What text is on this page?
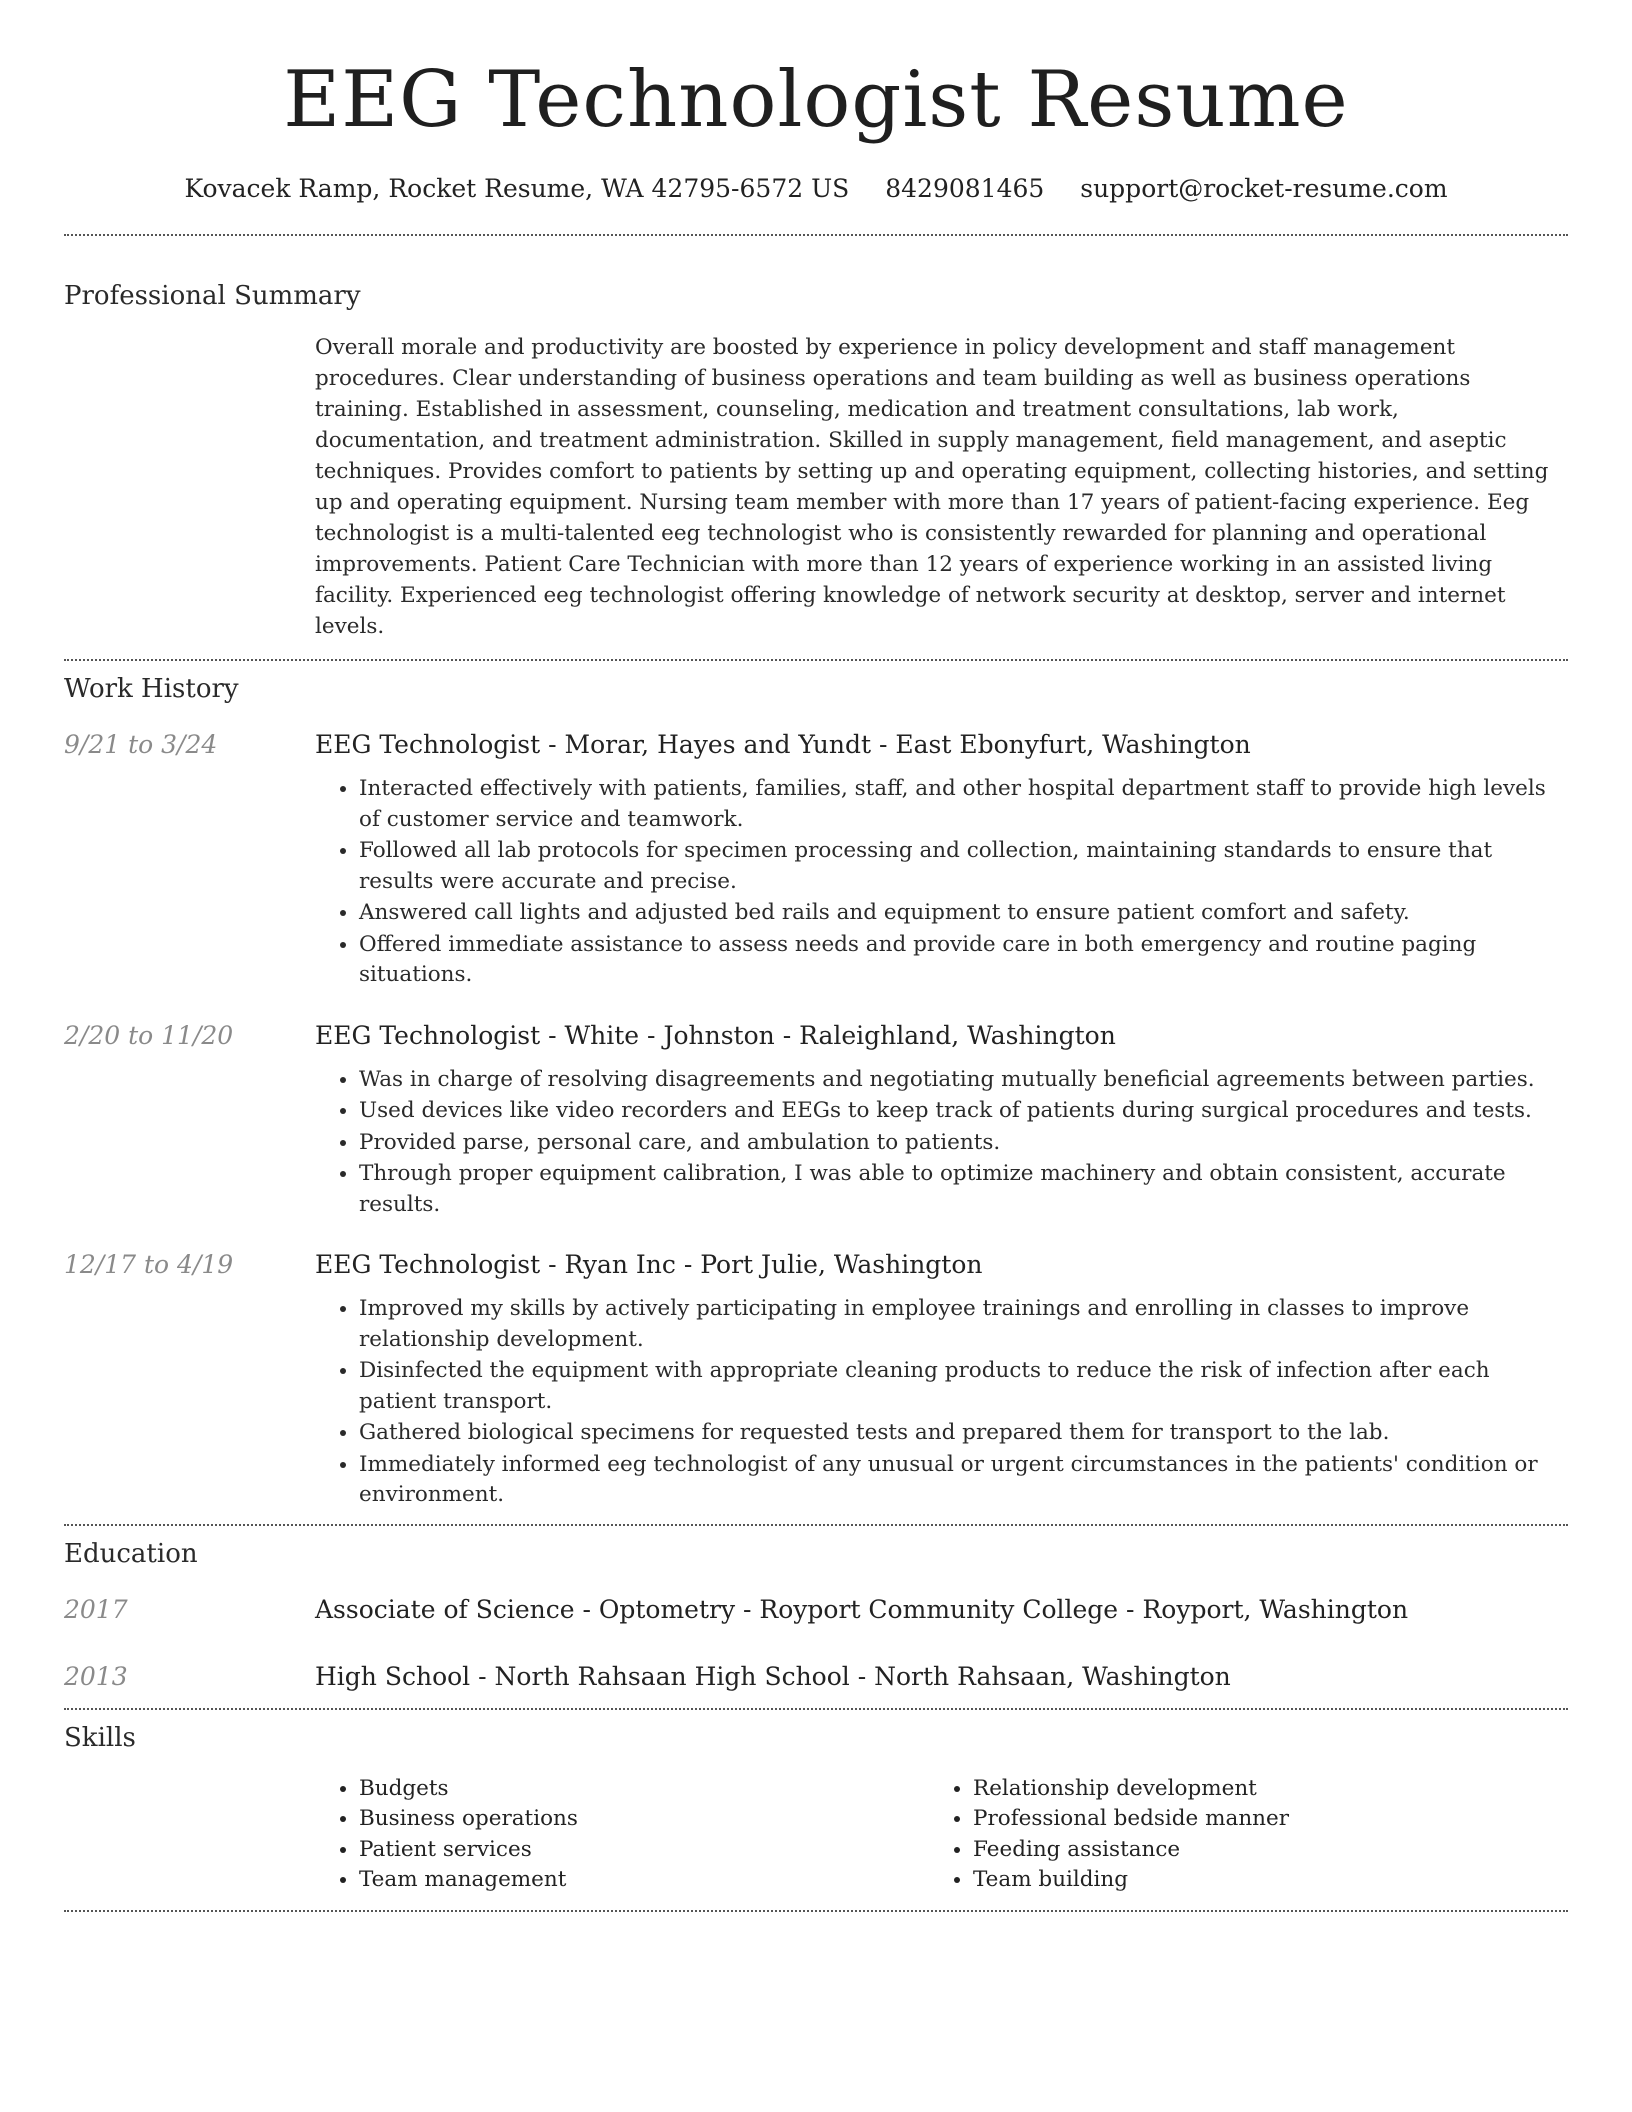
EEG Technologist Resume
Kovacek Ramp, Rocket Resume, WA 42795-6572 US 8429081465 support@rocket-resume.com
Professional Summary
Overall morale and productivity are boosted by experience in policy development and staff management procedures. Clear understanding of business operations and team building as well as business operations training. Established in assessment, counseling, medication and treatment consultations, lab work, documentation, and treatment administration. Skilled in supply management, field management, and aseptic techniques. Provides comfort to patients by setting up and operating equipment, collecting histories, and setting up and operating equipment. Nursing team member with more than 17 years of patient-facing experience. Eeg technologist is a multi-talented eeg technologist who is consistently rewarded for planning and operational improvements. Patient Care Technician with more than 12 years of experience working in an assisted living facility. Experienced eeg technologist offering knowledge of network security at desktop, server and internet levels.
Work History
9/21 to 3/24	EEG Technologist - Morar, Hayes and Yundt - East Ebonyfurt, Washington
• Interacted effectively with patients, families, staff, and other hospital department staff to provide high levels of customer service and teamwork.
• Followed all lab protocols for specimen processing and collection, maintaining standards to ensure that results were accurate and precise.
• Answered call lights and adjusted bed rails and equipment to ensure patient comfort and safety.
• Offered immediate assistance to assess needs and provide care in both emergency and routine paging situations.
2/20 to 11/20	EEG Technologist - White - Johnston - Raleighland, Washington
• Was in charge of resolving disagreements and negotiating mutually beneficial agreements between parties.
• Used devices like video recorders and EEGs to keep track of patients during surgical procedures and tests.
• Provided parse, personal care, and ambulation to patients.
• Through proper equipment calibration, I was able to optimize machinery and obtain consistent, accurate results.
12/17 to 4/19	EEG Technologist - Ryan Inc - Port Julie, Washington
• Improved my skills by actively participating in employee trainings and enrolling in classes to improve relationship development.
• Disinfected the equipment with appropriate cleaning products to reduce the risk of infection after each patient transport.
• Gathered biological specimens for requested tests and prepared them for transport to the lab.
• Immediately informed eeg technologist of any unusual or urgent circumstances in the patients' condition or environment.
Education
2017	Associate of Science - Optometry - Royport Community College - Royport, Washington
2013	High School - North Rahsaan High School - North Rahsaan, Washington
Skills
• Budgets
• Business operations
• Patient services
• Team management
• Relationship development
• Professional bedside manner
• Feeding assistance
• Team building
